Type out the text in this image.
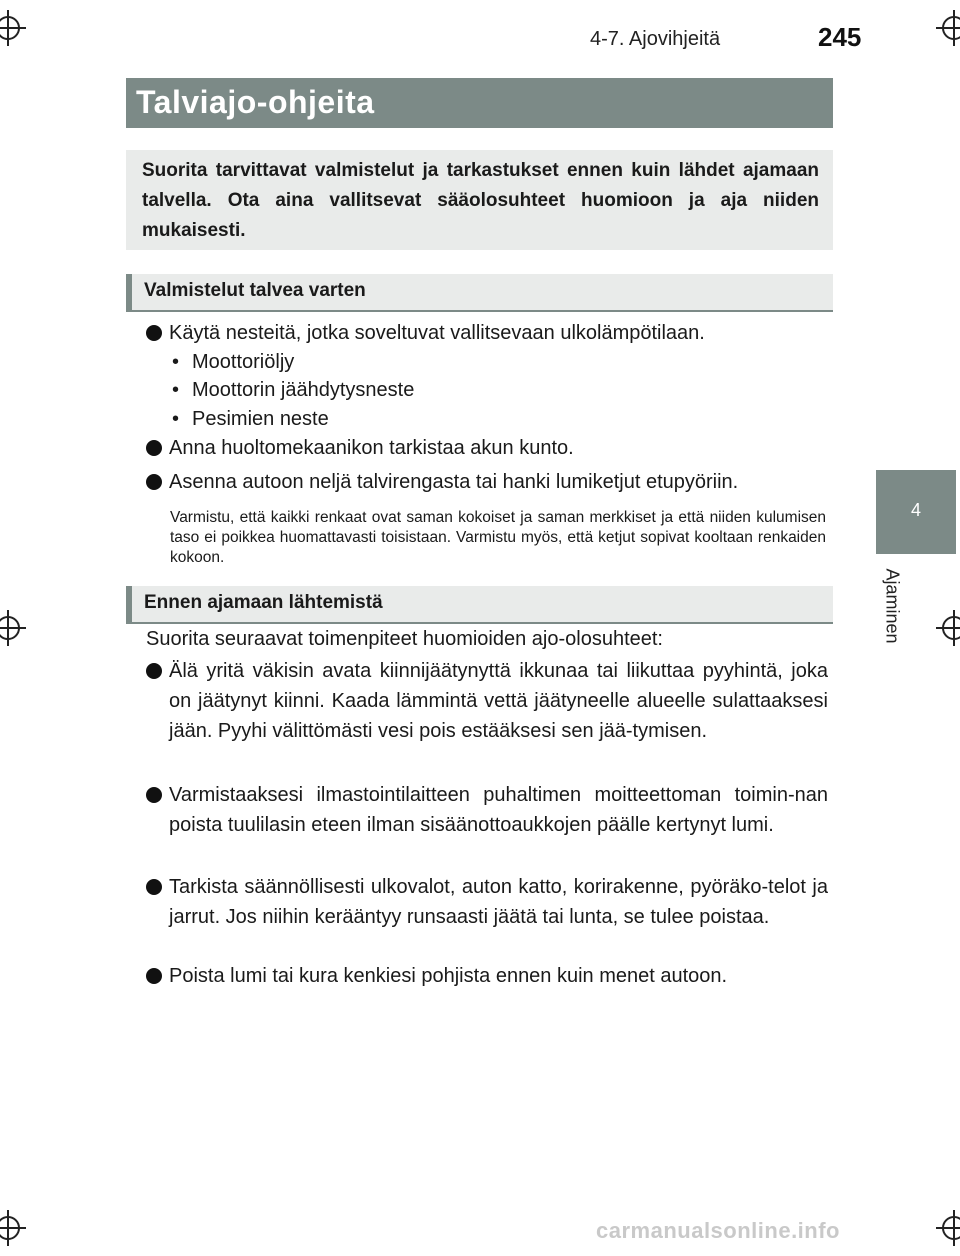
4-7. Ajovihjeitä	245
4
Ajaminen
Talviajo-ohjeita

Suorita tarvittavat valmistelut ja tarkastukset ennen kuin lähdet ajamaan talvella. Ota aina vallitsevat sääolosuhteet huomioon ja aja niiden mukaisesti.

Valmistelut talvea varten
Käytä nesteitä, jotka soveltuvat vallitsevaan ulkolämpötilaan.
• Moottoriöljy
• Moottorin jäähdytysneste
• Pesimien neste
Anna huoltomekaanikon tarkistaa akun kunto.
Asenna autoon neljä talvirengasta tai hanki lumiketjut etupyöriin.
Varmistu, että kaikki renkaat ovat saman kokoiset ja saman merkkiset ja että niiden kulumisen taso ei poikkea huomattavasti toisistaan. Varmistu myös, että ketjut sopivat kooltaan renkaiden kokoon.
Ennen ajamaan lähtemistä
Suorita seuraavat toimenpiteet huomioiden ajo-olosuhteet:
Älä yritä väkisin avata kiinnijäätynyttä ikkunaa tai liikuttaa pyyhintä, joka on jäätynyt kiinni. Kaada lämmintä vettä jäätyneelle alueelle sulattaaksesi jään. Pyyhi välittömästi vesi pois estääksesi sen jää-tymisen.
Varmistaaksesi ilmastointilaitteen puhaltimen moitteettoman toimin-nan poista tuulilasin eteen ilman sisäänottoaukkojen päälle kertynyt lumi.
Tarkista säännöllisesti ulkovalot, auton katto, korirakenne, pyöräko-telot ja jarrut. Jos niihin kerääntyy runsaasti jäätä tai lunta, se tulee poistaa.
Poista lumi tai kura kenkiesi pohjista ennen kuin menet autoon.
carmanualsonline.info
